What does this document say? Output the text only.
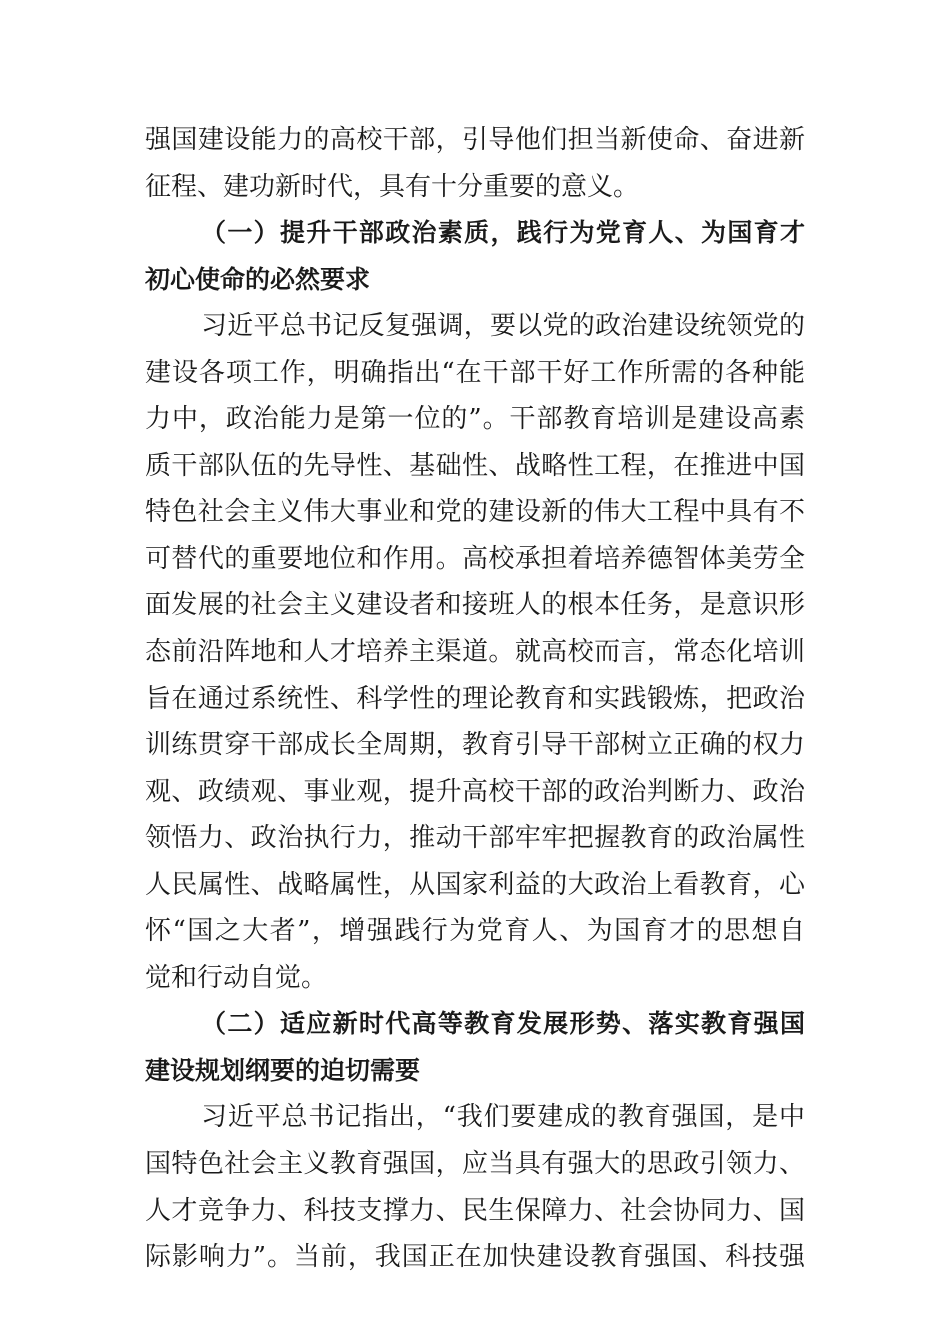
强国建设能力的高校干部，引导他们担当新使命、奋进新
征程、建功新时代，具有十分重要的意义。
（一）提升干部政治素质，践行为党育人、为国育才
初心使命的必然要求
习近平总书记反复强调，要以党的政治建设统领党的
建设各项工作，明确指出“在干部干好工作所需的各种能
力中，政治能力是第一位的”。干部教育培训是建设高素
质干部队伍的先导性、基础性、战略性工程，在推进中国
特色社会主义伟大事业和党的建设新的伟大工程中具有不
可替代的重要地位和作用。高校承担着培养德智体美劳全
面发展的社会主义建设者和接班人的根本任务，是意识形
态前沿阵地和人才培养主渠道。就高校而言，常态化培训
旨在通过系统性、科学性的理论教育和实践锻炼，把政治
训练贯穿干部成长全周期，教育引导干部树立正确的权力
观、政绩观、事业观，提升高校干部的政治判断力、政治
领悟力、政治执行力，推动干部牢牢把握教育的政治属性
人民属性、战略属性，从国家利益的大政治上看教育，心
怀“国之大者”，增强践行为党育人、为国育才的思想自
觉和行动自觉。
（二）适应新时代高等教育发展形势、落实教育强国
建设规划纲要的迫切需要
习近平总书记指出，“我们要建成的教育强国，是中
国特色社会主义教育强国，应当具有强大的思政引领力、
人才竞争力、科技支撑力、民生保障力、社会协同力、国
际影响力”。当前，我国正在加快建设教育强国、科技强
